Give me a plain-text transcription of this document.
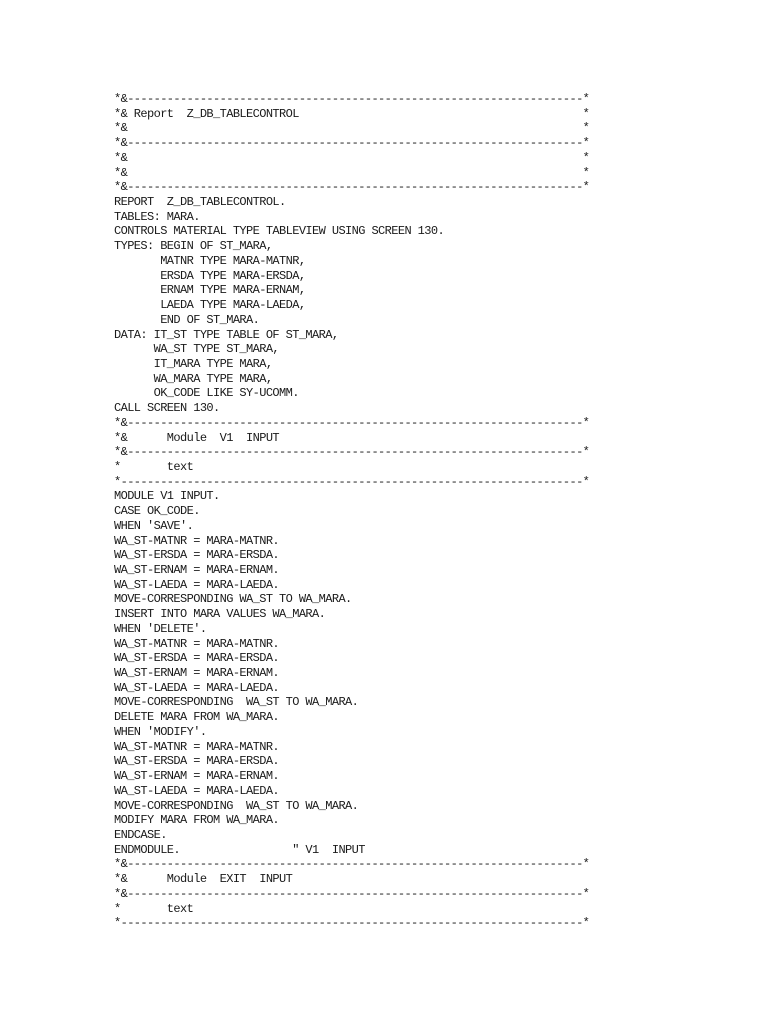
*&---------------------------------------------------------------------*
*& Report  Z_DB_TABLECONTROL                                           *
*&                                                                     *
*&---------------------------------------------------------------------*
*&                                                                     *
*&                                                                     *
*&---------------------------------------------------------------------*
REPORT  Z_DB_TABLECONTROL.
TABLES: MARA.
CONTROLS MATERIAL TYPE TABLEVIEW USING SCREEN 130.
TYPES: BEGIN OF ST_MARA,
MATNR TYPE MARA-MATNR,
ERSDA TYPE MARA-ERSDA,
ERNAM TYPE MARA-ERNAM,
LAEDA TYPE MARA-LAEDA,
END OF ST_MARA.
DATA: IT_ST TYPE TABLE OF ST_MARA,
WA_ST TYPE ST_MARA,
IT_MARA TYPE MARA,
WA_MARA TYPE MARA,
OK_CODE LIKE SY-UCOMM.
CALL SCREEN 130.
*&---------------------------------------------------------------------*
*&      Module  V1  INPUT
*&---------------------------------------------------------------------*
*       text
*----------------------------------------------------------------------*
MODULE V1 INPUT.
CASE OK_CODE.
WHEN 'SAVE'.
WA_ST-MATNR = MARA-MATNR.
WA_ST-ERSDA = MARA-ERSDA.
WA_ST-ERNAM = MARA-ERNAM.
WA_ST-LAEDA = MARA-LAEDA.
MOVE-CORRESPONDING WA_ST TO WA_MARA.
INSERT INTO MARA VALUES WA_MARA.
WHEN 'DELETE'.
WA_ST-MATNR = MARA-MATNR.
WA_ST-ERSDA = MARA-ERSDA.
WA_ST-ERNAM = MARA-ERNAM.
WA_ST-LAEDA = MARA-LAEDA.
MOVE-CORRESPONDING  WA_ST TO WA_MARA.
DELETE MARA FROM WA_MARA.
WHEN 'MODIFY'.
WA_ST-MATNR = MARA-MATNR.
WA_ST-ERSDA = MARA-ERSDA.
WA_ST-ERNAM = MARA-ERNAM.
WA_ST-LAEDA = MARA-LAEDA.
MOVE-CORRESPONDING  WA_ST TO WA_MARA.
MODIFY MARA FROM WA_MARA.
ENDCASE.
ENDMODULE.                 " V1  INPUT
*&---------------------------------------------------------------------*
*&      Module  EXIT  INPUT
*&---------------------------------------------------------------------*
*       text
*----------------------------------------------------------------------*
